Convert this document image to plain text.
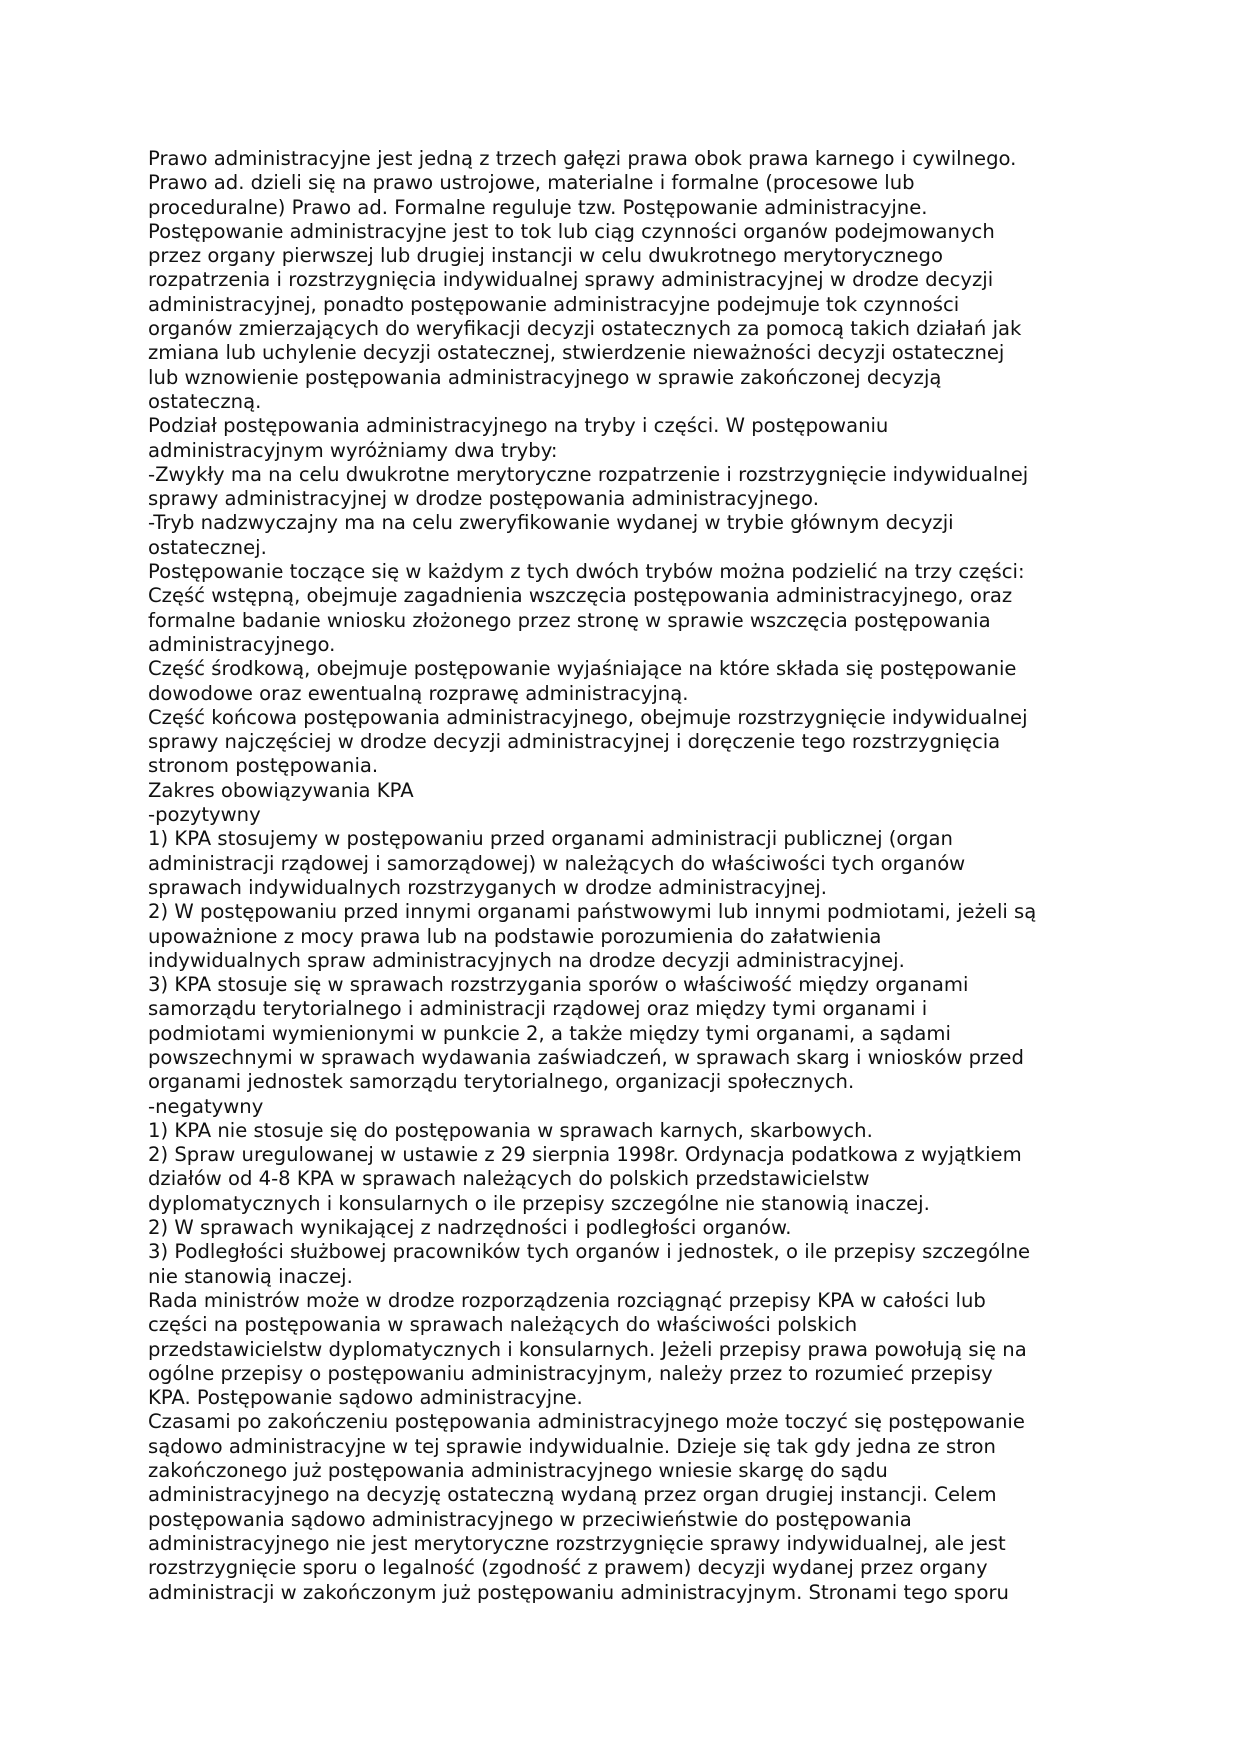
Prawo administracyjne jest jedną z trzech gałęzi prawa obok prawa karnego i cywilnego.
Prawo ad. dzieli się na prawo ustrojowe, materialne i formalne (procesowe lub
proceduralne) Prawo ad. Formalne reguluje tzw. Postępowanie administracyjne.
Postępowanie administracyjne jest to tok lub ciąg czynności organów podejmowanych
przez organy pierwszej lub drugiej instancji w celu dwukrotnego merytorycznego
rozpatrzenia i rozstrzygnięcia indywidualnej sprawy administracyjnej w drodze decyzji
administracyjnej, ponadto postępowanie administracyjne podejmuje tok czynności
organów zmierzających do weryfikacji decyzji ostatecznych za pomocą takich działań jak
zmiana lub uchylenie decyzji ostatecznej, stwierdzenie nieważności decyzji ostatecznej
lub wznowienie postępowania administracyjnego w sprawie zakończonej decyzją
ostateczną.
Podział postępowania administracyjnego na tryby i części. W postępowaniu
administracyjnym wyróżniamy dwa tryby:
-Zwykły ma na celu dwukrotne merytoryczne rozpatrzenie i rozstrzygnięcie indywidualnej
sprawy administracyjnej w drodze postępowania administracyjnego.
-Tryb nadzwyczajny ma na celu zweryfikowanie wydanej w trybie głównym decyzji
ostatecznej.
Postępowanie toczące się w każdym z tych dwóch trybów można podzielić na trzy części:
Część wstępną, obejmuje zagadnienia wszczęcia postępowania administracyjnego, oraz
formalne badanie wniosku złożonego przez stronę w sprawie wszczęcia postępowania
administracyjnego.
Część środkową, obejmuje postępowanie wyjaśniające na które składa się postępowanie
dowodowe oraz ewentualną rozprawę administracyjną.
Część końcowa postępowania administracyjnego, obejmuje rozstrzygnięcie indywidualnej
sprawy najczęściej w drodze decyzji administracyjnej i doręczenie tego rozstrzygnięcia
stronom postępowania.
Zakres obowiązywania KPA
-pozytywny
1) KPA stosujemy w postępowaniu przed organami administracji publicznej (organ
administracji rządowej i samorządowej) w należących do właściwości tych organów
sprawach indywidualnych rozstrzyganych w drodze administracyjnej.
2) W postępowaniu przed innymi organami państwowymi lub innymi podmiotami, jeżeli są
upoważnione z mocy prawa lub na podstawie porozumienia do załatwienia
indywidualnych spraw administracyjnych na drodze decyzji administracyjnej.
3) KPA stosuje się w sprawach rozstrzygania sporów o właściwość między organami
samorządu terytorialnego i administracji rządowej oraz między tymi organami i
podmiotami wymienionymi w punkcie 2, a także między tymi organami, a sądami
powszechnymi w sprawach wydawania zaświadczeń, w sprawach skarg i wniosków przed
organami jednostek samorządu terytorialnego, organizacji społecznych.
-negatywny
1) KPA nie stosuje się do postępowania w sprawach karnych, skarbowych.
2) Spraw uregulowanej w ustawie z 29 sierpnia 1998r. Ordynacja podatkowa z wyjątkiem
działów od 4-8 KPA w sprawach należących do polskich przedstawicielstw
dyplomatycznych i konsularnych o ile przepisy szczególne nie stanowią inaczej.
2) W sprawach wynikającej z nadrzędności i podległości organów.
3) Podległości służbowej pracowników tych organów i jednostek, o ile przepisy szczególne
nie stanowią inaczej.
Rada ministrów może w drodze rozporządzenia rozciągnąć przepisy KPA w całości lub
części na postępowania w sprawach należących do właściwości polskich
przedstawicielstw dyplomatycznych i konsularnych. Jeżeli przepisy prawa powołują się na
ogólne przepisy o postępowaniu administracyjnym, należy przez to rozumieć przepisy
KPA. Postępowanie sądowo administracyjne.
Czasami po zakończeniu postępowania administracyjnego może toczyć się postępowanie
sądowo administracyjne w tej sprawie indywidualnie. Dzieje się tak gdy jedna ze stron
zakończonego już postępowania administracyjnego wniesie skargę do sądu
administracyjnego na decyzję ostateczną wydaną przez organ drugiej instancji. Celem
postępowania sądowo administracyjnego w przeciwieństwie do postępowania
administracyjnego nie jest merytoryczne rozstrzygnięcie sprawy indywidualnej, ale jest
rozstrzygnięcie sporu o legalność (zgodność z prawem) decyzji wydanej przez organy
administracji w zakończonym już postępowaniu administracyjnym. Stronami tego sporu
